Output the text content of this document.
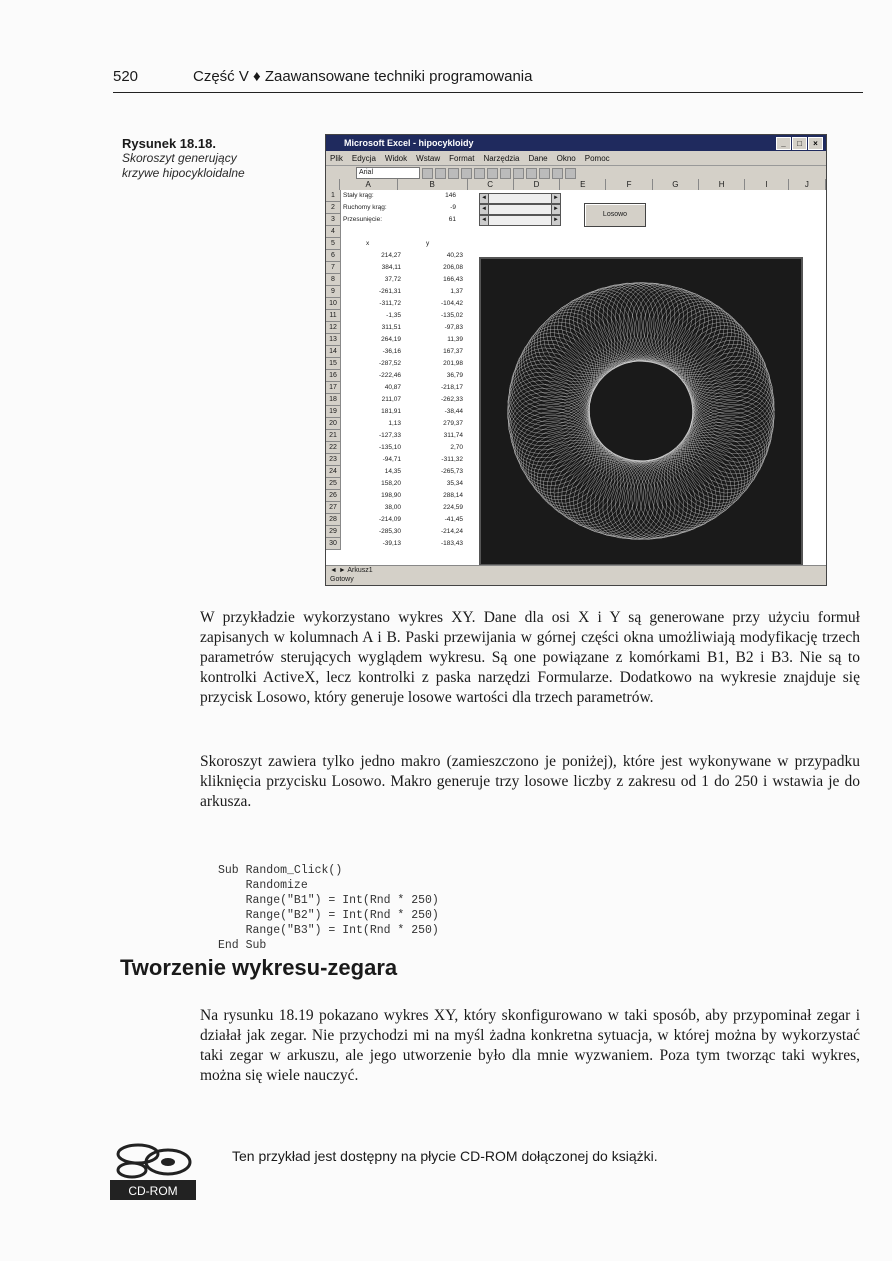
520	Część V ♦ Zaawansowane techniki programowania
Rysunek 18.18.
Skoroszyt generujący krzywe hipocykloidalne
Microsoft Excel - hipocykloidy	_	□	×
Plik Edycja Widok Wstaw Format Narzędzia Dane Okno Pomoc
Arial
A	B	C	D	E	F	G	H	I	J
◄	►
◄	►
◄	►
Losowo
1	Stały krąg:	146
2	Ruchomy krąg:	-9
3	Przesunięcie:	61
4
5	x	y
6	214,27	40,23
7	384,11	206,08
8	37,72	166,43
9	-261,31	1,37
10	-311,72	-104,42
11	-1,35	-135,02
12	311,51	-97,83
13	264,19	11,39
14	-36,16	167,37
15	-287,52	201,98
16	-222,46	36,79
17	40,87	-218,17
18	211,07	-262,33
19	181,91	-38,44
20	1,13	279,37
21	-127,33	311,74
22	-135,10	2,70
23	-94,71	-311,32
24	14,35	-265,73
25	158,20	35,34
26	198,90	288,14
27	38,00	224,59
28	-214,09	-41,45
29	-285,30	-214,24
30	-39,13	-183,43
◄ ► Arkusz1
Gotowy

W przykładzie wykorzystano wykres XY. Dane dla osi X i Y są generowane przy użyciu formuł zapisanych w kolumnach A i B. Paski przewijania w górnej części okna umożliwiają modyfikację trzech parametrów sterujących wyglądem wykresu. Są one powiązane z komórkami B1, B2 i B3. Nie są to kontrolki ActiveX, lecz kontrolki z paska narzędzi Formularze. Dodatkowo na wykresie znajduje się przycisk Losowo, który generuje losowe wartości dla trzech parametrów.

Skoroszyt zawiera tylko jedno makro (zamieszczono je poniżej), które jest wykonywane w przypadku kliknięcia przycisku Losowo. Makro generuje trzy losowe liczby z zakresu od 1 do 250 i wstawia je do arkusza.

Sub Random_Click()
Randomize
Range("B1") = Int(Rnd * 250)
Range("B2") = Int(Rnd * 250)
Range("B3") = Int(Rnd * 250)
End Sub
Tworzenie wykresu-zegara

Na rysunku 18.19 pokazano wykres XY, który skonfigurowano w taki sposób, aby przypominał zegar i działał jak zegar. Nie przychodzi mi na myśl żadna konkretna sytuacja, w której można by wykorzystać taki zegar w arkuszu, ale jego utworzenie było dla mnie wyzwaniem. Poza tym tworząc taki wykres, można się wiele nauczyć.

CD-ROM
Ten przykład jest dostępny na płycie CD-ROM dołączonej do książki.
